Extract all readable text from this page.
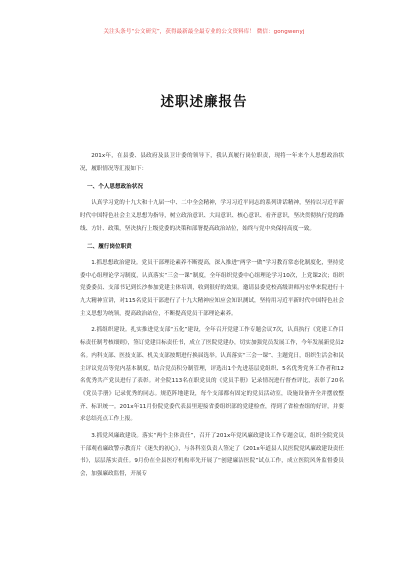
关注头条号“公文研究”，获得最新最全最专业的公文资料库！ 微信：gongwenyj
述职述廉报告

201x年，在县委、县政府及县卫计委的领导下，我认真履行岗位职责，现将一年来个人思想政治状况，履职情况等汇报如下：

一、个人思想政治状况

认真学习党的十九大和十九届一中、二中全会精神，学习习近平同志的系列讲话精神，坚持以习近平新时代中国特色社会主义思想为指导，树立政治意识、大局意识、核心意识、看齐意识，坚决贯彻执行党的路线、方针、政策，坚决执行上级党委的决策和部署提高政治站位，始终与党中央保持高度一致。

二、履行岗位职责

1.抓思想政治建设。党员干部理论素养不断提高，深入推进“两学一做”学习教育常态化制度化，坚持党委中心组理论学习制度，认真落实“三会一课”制度，全年组织党委中心组理论学习10次，上党课2次；组织党委委员、支部书记到长沙参加党建主体培训，收到很好的效果。邀请县委党校高级讲师冯宏华来院进行十九大精神宣讲，对115名党员干部进行了十九大精神应知应会知识测试，坚持用习近平新时代中国特色社会主义思想为统领，提高政治站位，不断提高党员干部理论素养。

2.抓组织建设。扎实推进党支部“五化”建设，全年召开党建工作专题会议7次，认真执行《党建工作目标责任制考核细则》，签订党建目标责任书，成立了医院党建办，切实加强党员发展工作，今年发展新党员2名。内科支部、医技支部、机关支部按期进行换届选举。认真落实“三会一课”、主题党日，组织生活会和民主评议党员等党内基本制度，结合党员积分制管理，评选出1个先进基层党组织、5名优秀党务工作者和12名优秀共产党员进行了表彰。对全院113名在职党员的《党员手册》记录情况进行督查评比，表彰了20名《党员手册》记录优秀的同志。规范阵地建设，每个支部都有固定的党员活动室，设施设备齐全并摆放整齐、标识统一。201x年11月份院党委代表县里迎接省委组织部的党建检查，得到了省检查组的好评，并要求总结亮点工作上报。

3.抓党风廉政建设。落实“两个主体责任”，召开了201x年党风廉政建设工作专题会议，组织全院党员干部观看廉政警示教育片《迷失的初心》，与各科室负责人签定了《201x年道县人民医院党风廉政建设责任书》，层层落实责任。9月份在全县医疗机构率先开展了“创建廉洁医院”试点工作，成立医院风务监督委员会，加强廉政监督，开展专
